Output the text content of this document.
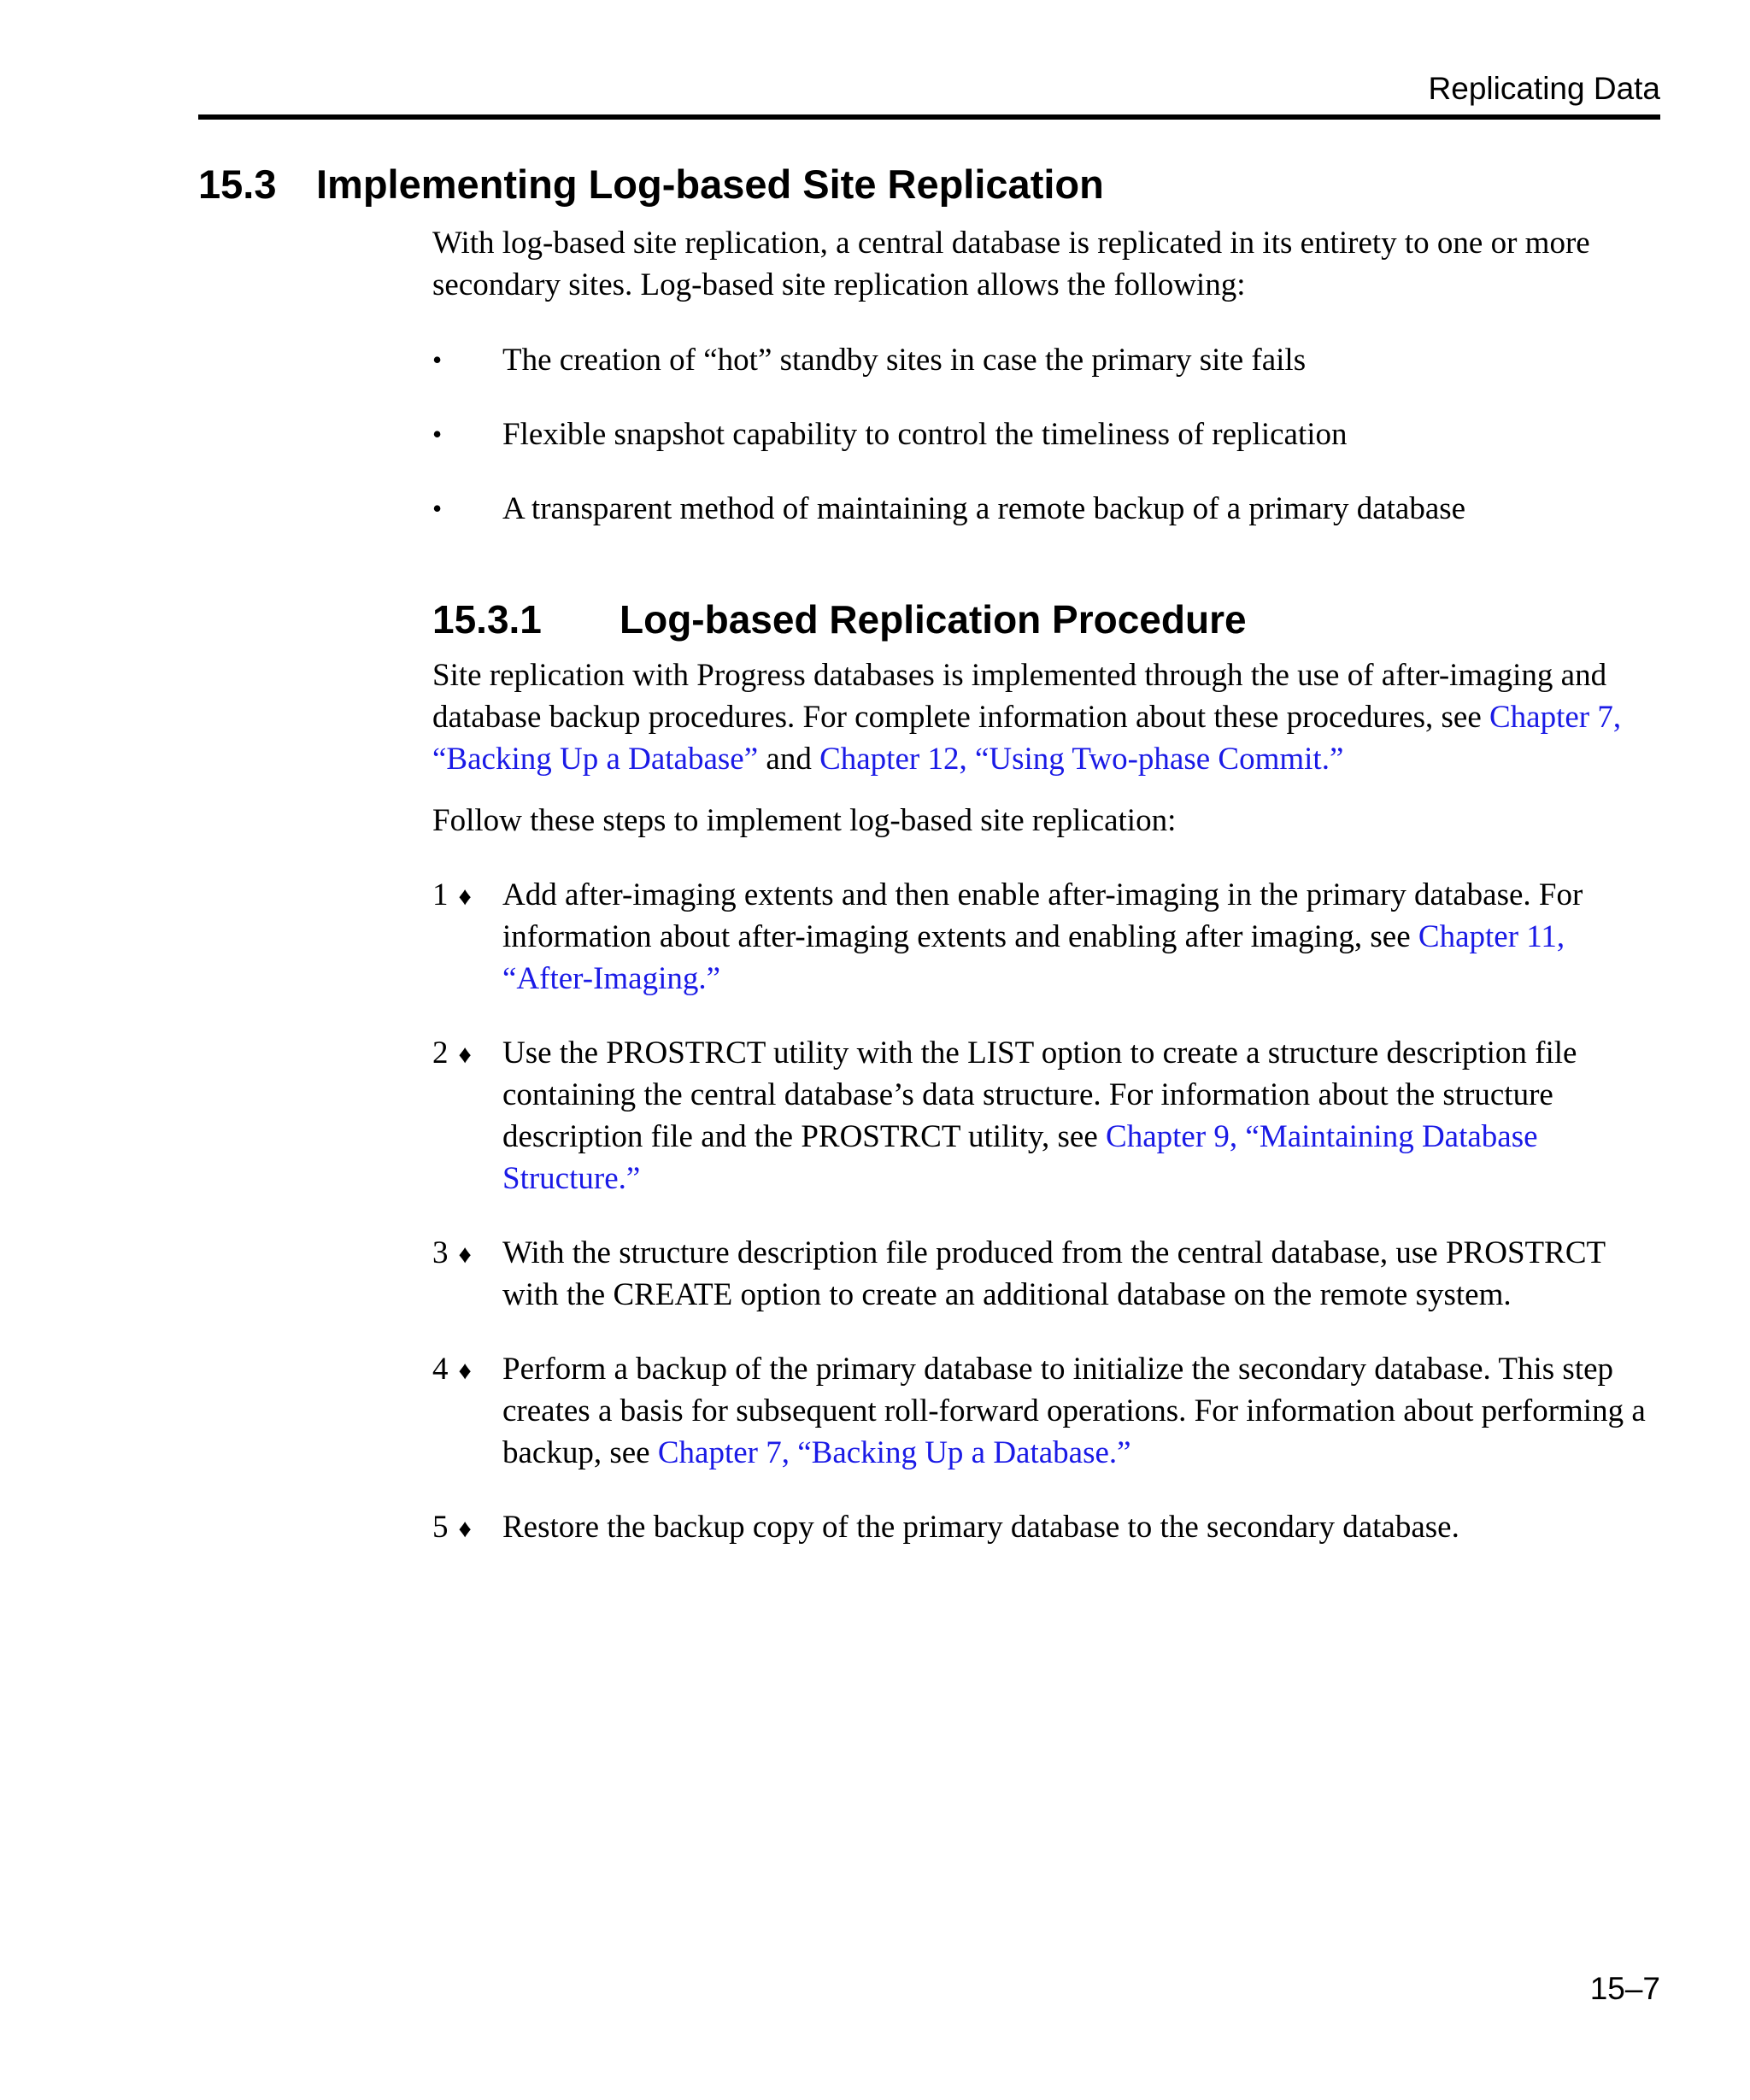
Replicating Data
15.3 Implementing Log-based Site Replication

With log-based site replication, a central database is replicated in its entirety to one or more secondary sites. Log-based site replication allows the following:

• The creation of “hot” standby sites in case the primary site fails
• Flexible snapshot capability to control the timeliness of replication
• A transparent method of maintaining a remote backup of a primary database
15.3.1 Log-based Replication Procedure

Site replication with Progress databases is implemented through the use of after-imaging and database backup procedures. For complete information about these procedures, see Chapter 7, “Backing Up a Database” and Chapter 12, “Using Two-phase Commit.”

Follow these steps to implement log-based site replication:

1 ♦ Add after-imaging extents and then enable after-imaging in the primary database. For information about after-imaging extents and enabling after imaging, see Chapter 11, “After-Imaging.”
2 ♦ Use the PROSTRCT utility with the LIST option to create a structure description file containing the central database’s data structure. For information about the structure description file and the PROSTRCT utility, see Chapter 9, “Maintaining Database Structure.”
3 ♦ With the structure description file produced from the central database, use PROSTRCT with the CREATE option to create an additional database on the remote system.
4 ♦ Perform a backup of the primary database to initialize the secondary database. This step creates a basis for subsequent roll-forward operations. For information about performing a backup, see Chapter 7, “Backing Up a Database.”
5 ♦ Restore the backup copy of the primary database to the secondary database.
15–7
